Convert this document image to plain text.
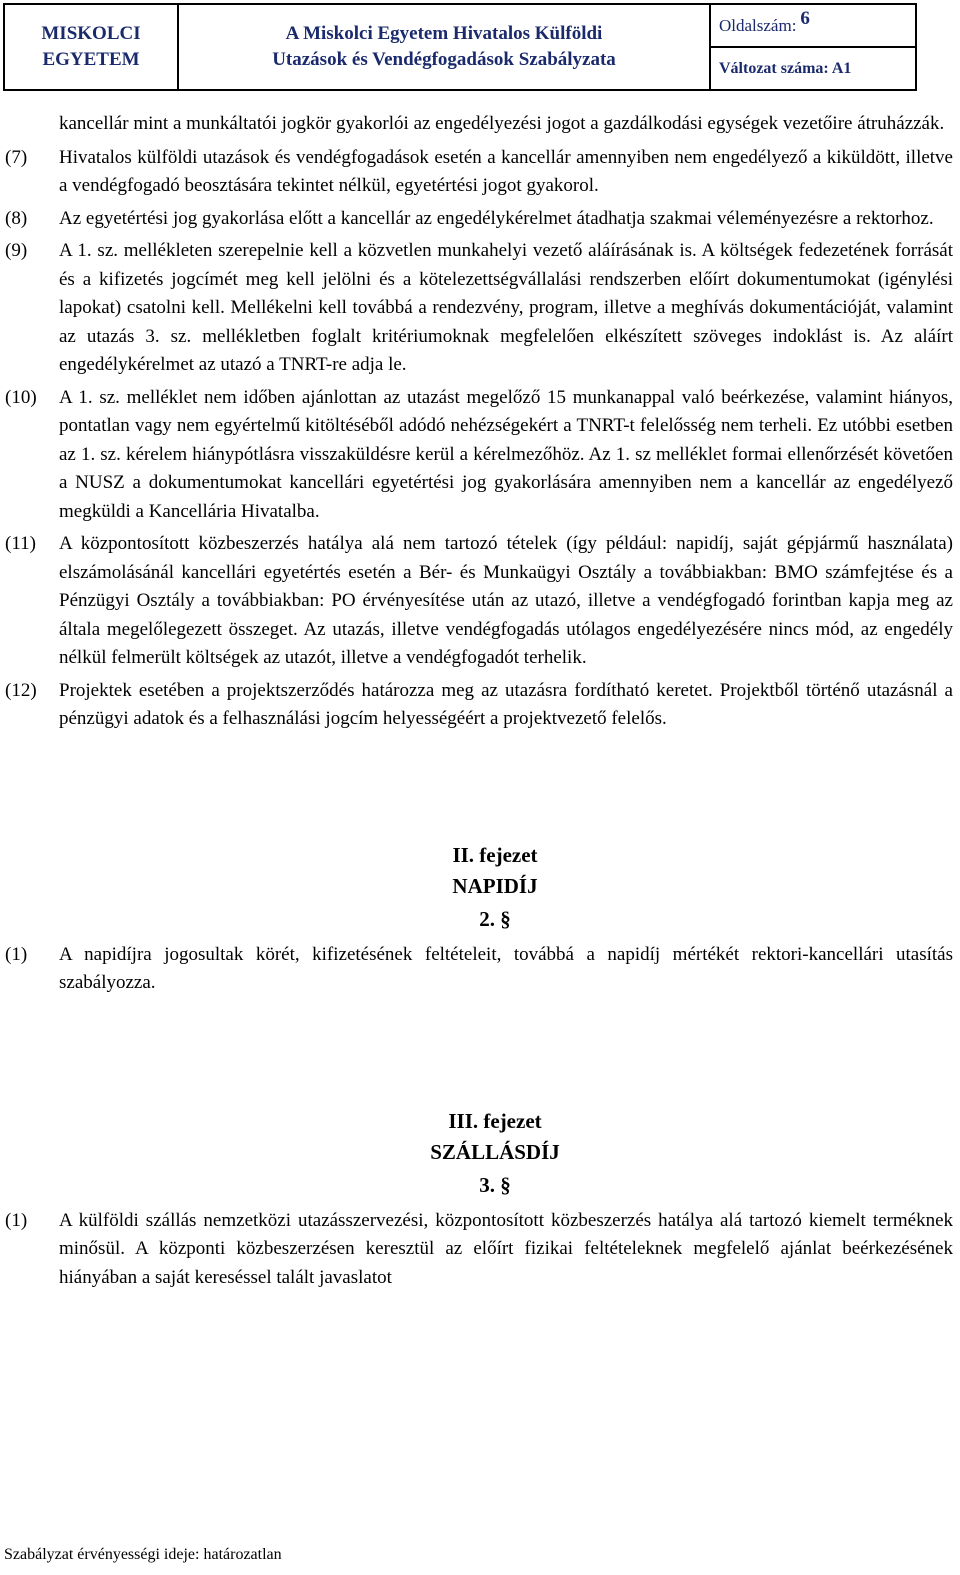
MISKOLCI
EGYETEM
A Miskolci Egyetem Hivatalos Külföldi
Utazások és Vendégfogadások Szabályzata
Oldalszám: 6
Változat száma: A1
kancellár mint a munkáltatói jogkör gyakorlói az engedélyezési jogot a gazdálkodási egységek vezetőire átruházzák.
(7) Hivatalos külföldi utazások és vendégfogadások esetén a kancellár amennyiben nem engedélyező a kiküldött, illetve a vendégfogadó beosztására tekintet nélkül, egyetértési jogot gyakorol.
(8) Az egyetértési jog gyakorlása előtt a kancellár az engedélykérelmet átadhatja szakmai véleményezésre a rektorhoz.
(9) A 1. sz. mellékleten szerepelnie kell a közvetlen munkahelyi vezető aláírásának is. A költségek fedezetének forrását és a kifizetés jogcímét meg kell jelölni és a kötelezettségvállalási rendszerben előírt dokumentumokat (igénylési lapokat) csatolni kell. Mellékelni kell továbbá a rendezvény, program, illetve a meghívás dokumentációját, valamint az utazás 3. sz. mellékletben foglalt kritériumoknak megfelelően elkészített szöveges indoklást is. Az aláírt engedélykérelmet az utazó a TNRT-re adja le.
(10) A 1. sz. melléklet nem időben ajánlottan az utazást megelőző 15 munkanappal való beérkezése, valamint hiányos, pontatlan vagy nem egyértelmű kitöltéséből adódó nehézségekért a TNRT-t felelősség nem terheli. Ez utóbbi esetben az 1. sz. kérelem hiánypótlásra visszaküldésre kerül a kérelmezőhöz. Az 1. sz melléklet formai ellenőrzését követően a NUSZ a dokumentumokat kancellári egyetértési jog gyakorlására amennyiben nem a kancellár az engedélyező megküldi a Kancellária Hivatalba.
(11) A központosított közbeszerzés hatálya alá nem tartozó tételek (így például: napidíj, saját gépjármű használata) elszámolásánál kancellári egyetértés esetén a Bér- és Munkaügyi Osztály a továbbiakban: BMO számfejtése és a Pénzügyi Osztály a továbbiakban: PO érvényesítése után az utazó, illetve a vendégfogadó forintban kapja meg az általa megelőlegezett összeget. Az utazás, illetve vendégfogadás utólagos engedélyezésére nincs mód, az engedély nélkül felmerült költségek az utazót, illetve a vendégfogadót terhelik.
(12) Projektek esetében a projektszerződés határozza meg az utazásra fordítható keretet. Projektből történő utazásnál a pénzügyi adatok és a felhasználási jogcím helyességéért a projektvezető felelős.
II. fejezet
NAPIDÍJ
2. §
(1) A napidíjra jogosultak körét, kifizetésének feltételeit, továbbá a napidíj mértékét rektori-kancellári utasítás szabályozza.
III. fejezet
SZÁLLÁSDÍJ
3. §
(1) A külföldi szállás nemzetközi utazásszervezési, központosított közbeszerzés hatálya alá tartozó kiemelt terméknek minősül. A központi közbeszerzésen keresztül az előírt fizikai feltételeknek megfelelő ajánlat beérkezésének hiányában a saját kereséssel talált javaslatot
Szabályzat érvényességi ideje: határozatlan
